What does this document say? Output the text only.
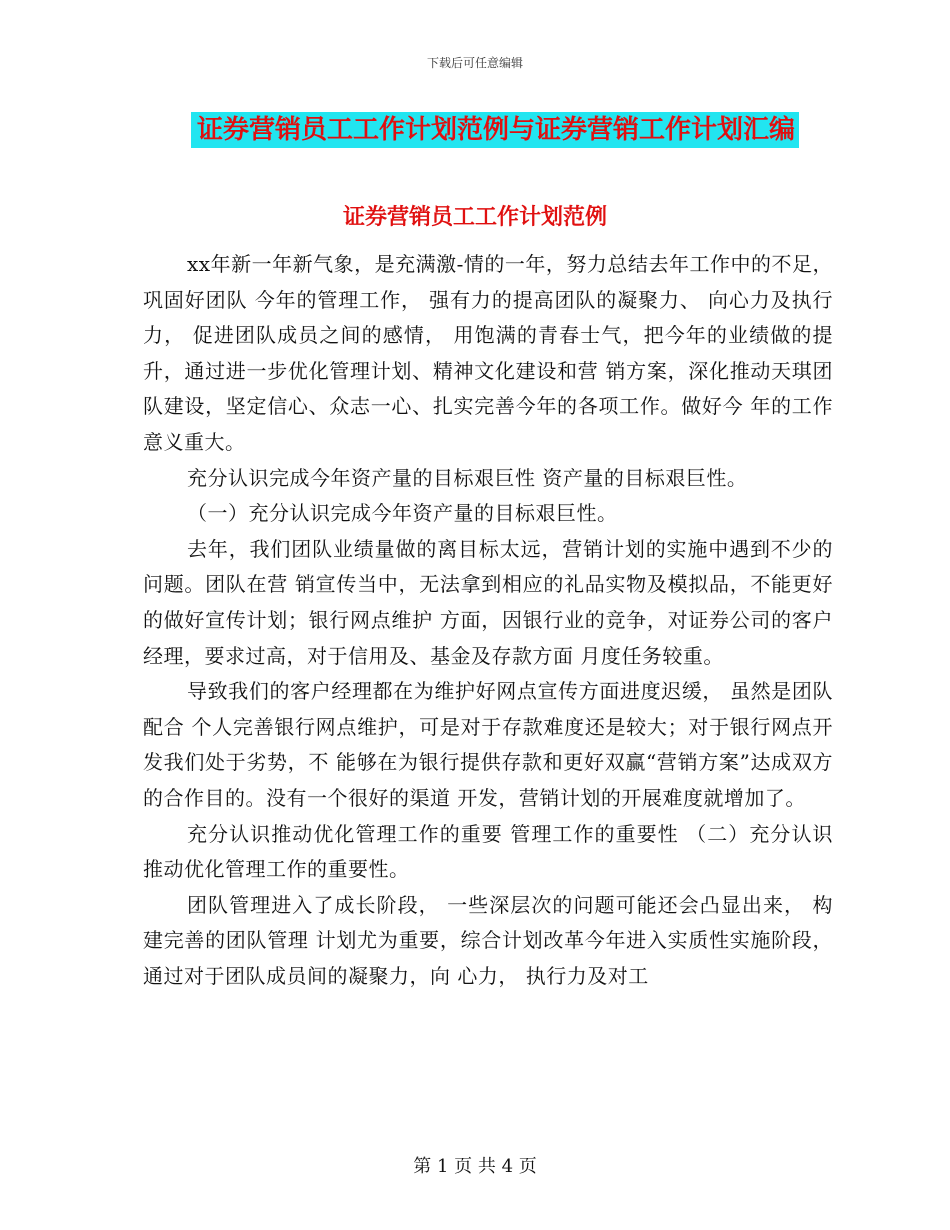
下载后可任意编辑
证券营销员工工作计划范例与证券营销工作计划汇编
证券营销员工工作计划范例

xx年新一年新气象，是充满激-情的一年，努力总结去年工作中的不足，巩固好团队 今年的管理工作， 强有力的提高团队的凝聚力、 向心力及执行力， 促进团队成员之间的感情， 用饱满的青春士气，把今年的业绩做的提升，通过进一步优化管理计划、精神文化建设和营 销方案，深化推动天琪团队建设，坚定信心、众志一心、扎实完善今年的各项工作。做好今 年的工作意义重大。

充分认识完成今年资产量的目标艰巨性 资产量的目标艰巨性。

（一）充分认识完成今年资产量的目标艰巨性。

去年，我们团队业绩量做的离目标太远，营销计划的实施中遇到不少的问题。团队在营 销宣传当中，无法拿到相应的礼品实物及模拟品，不能更好的做好宣传计划；银行网点维护 方面，因银行业的竞争，对证券公司的客户经理，要求过高，对于信用及、基金及存款方面 月度任务较重。

导致我们的客户经理都在为维护好网点宣传方面进度迟缓， 虽然是团队配合 个人完善银行网点维护，可是对于存款难度还是较大；对于银行网点开发我们处于劣势，不 能够在为银行提供存款和更好双赢“营销方案”达成双方的合作目的。没有一个很好的渠道 开发，营销计划的开展难度就增加了。

充分认识推动优化管理工作的重要 管理工作的重要性 （二）充分认识推动优化管理工作的重要性。

团队管理进入了成长阶段， 一些深层次的问题可能还会凸显出来， 构建完善的团队管理 计划尤为重要，综合计划改革今年进入实质性实施阶段，通过对于团队成员间的凝聚力，向 心力， 执行力及对工

第 1 页 共 4 页
